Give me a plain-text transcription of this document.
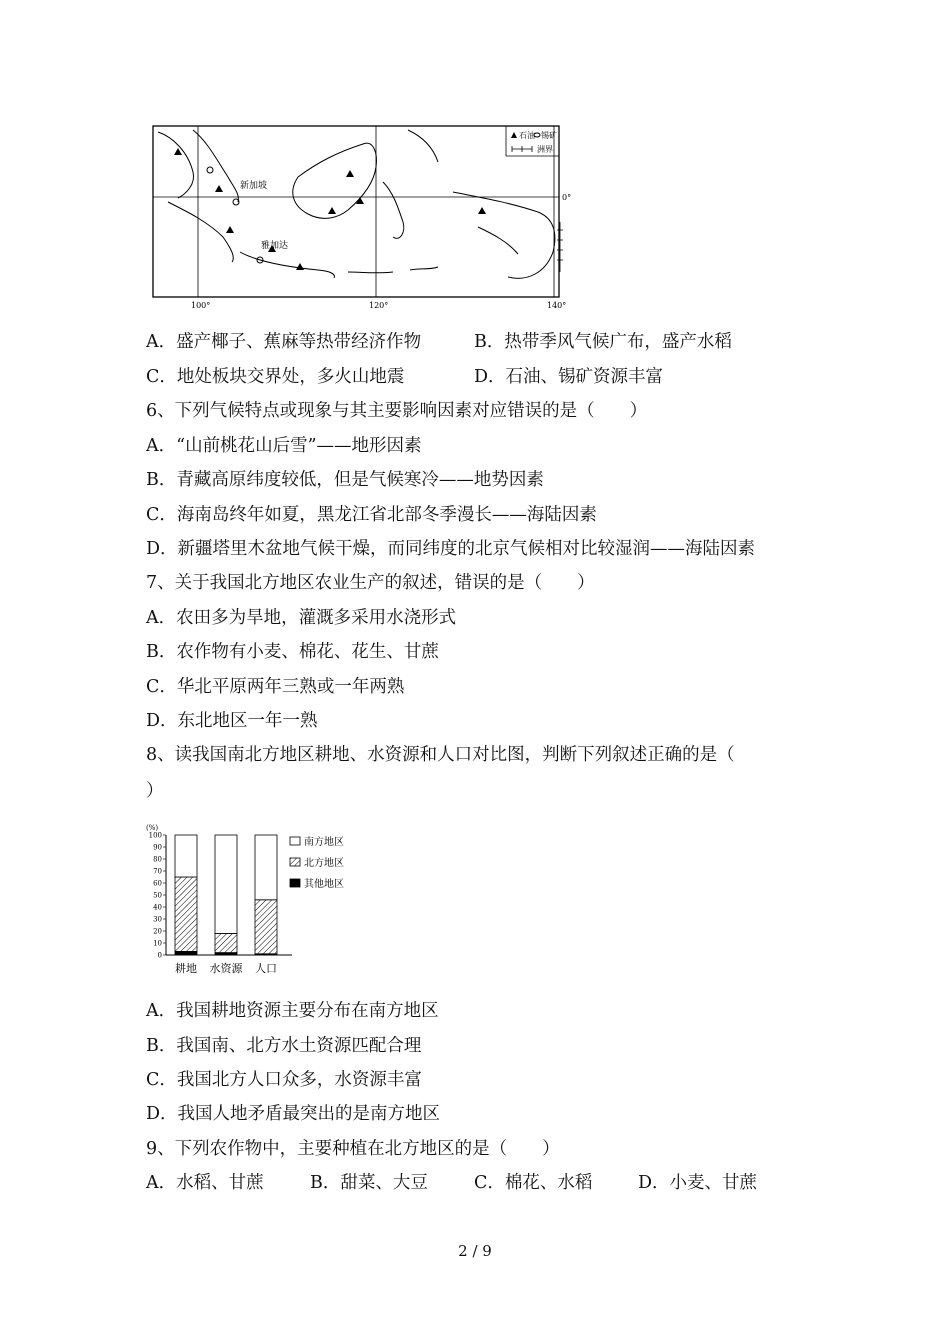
新加坡
雅加达
石油 锡矿
洲界
100°	120°	140°
0°
A．盛产椰子、蕉麻等热带经济作物	B．热带季风气候广布，盛产水稻
C．地处板块交界处，多火山地震	D．石油、锡矿资源丰富
6、下列气候特点或现象与其主要影响因素对应错误的是（　　）
A．“山前桃花山后雪”——地形因素
B．青藏高原纬度较低，但是气候寒冷——地势因素
C．海南岛终年如夏，黑龙江省北部冬季漫长——海陆因素
D．新疆塔里木盆地气候干燥，而同纬度的北京气候相对比较湿润——海陆因素
7、关于我国北方地区农业生产的叙述，错误的是（　　）
A．农田多为旱地，灌溉多采用水浇形式
B．农作物有小麦、棉花、花生、甘蔗
C．华北平原两年三熟或一年两熟
D．东北地区一年一熟
8、读我国南北方地区耕地、水资源和人口对比图，判断下列叙述正确的是（
）
(%)
0
10
20
30
40
50
60
70
80
90
100
耕地 水资源 人口
南方地区
北方地区
其他地区
A．我国耕地资源主要分布在南方地区
B．我国南、北方水土资源匹配合理
C．我国北方人口众多，水资源丰富
D．我国人地矛盾最突出的是南方地区
9、下列农作物中，主要种植在北方地区的是（　　）
A．水稻、甘蔗	B．甜菜、大豆	C．棉花、水稻	D．小麦、甘蔗
2 / 9
